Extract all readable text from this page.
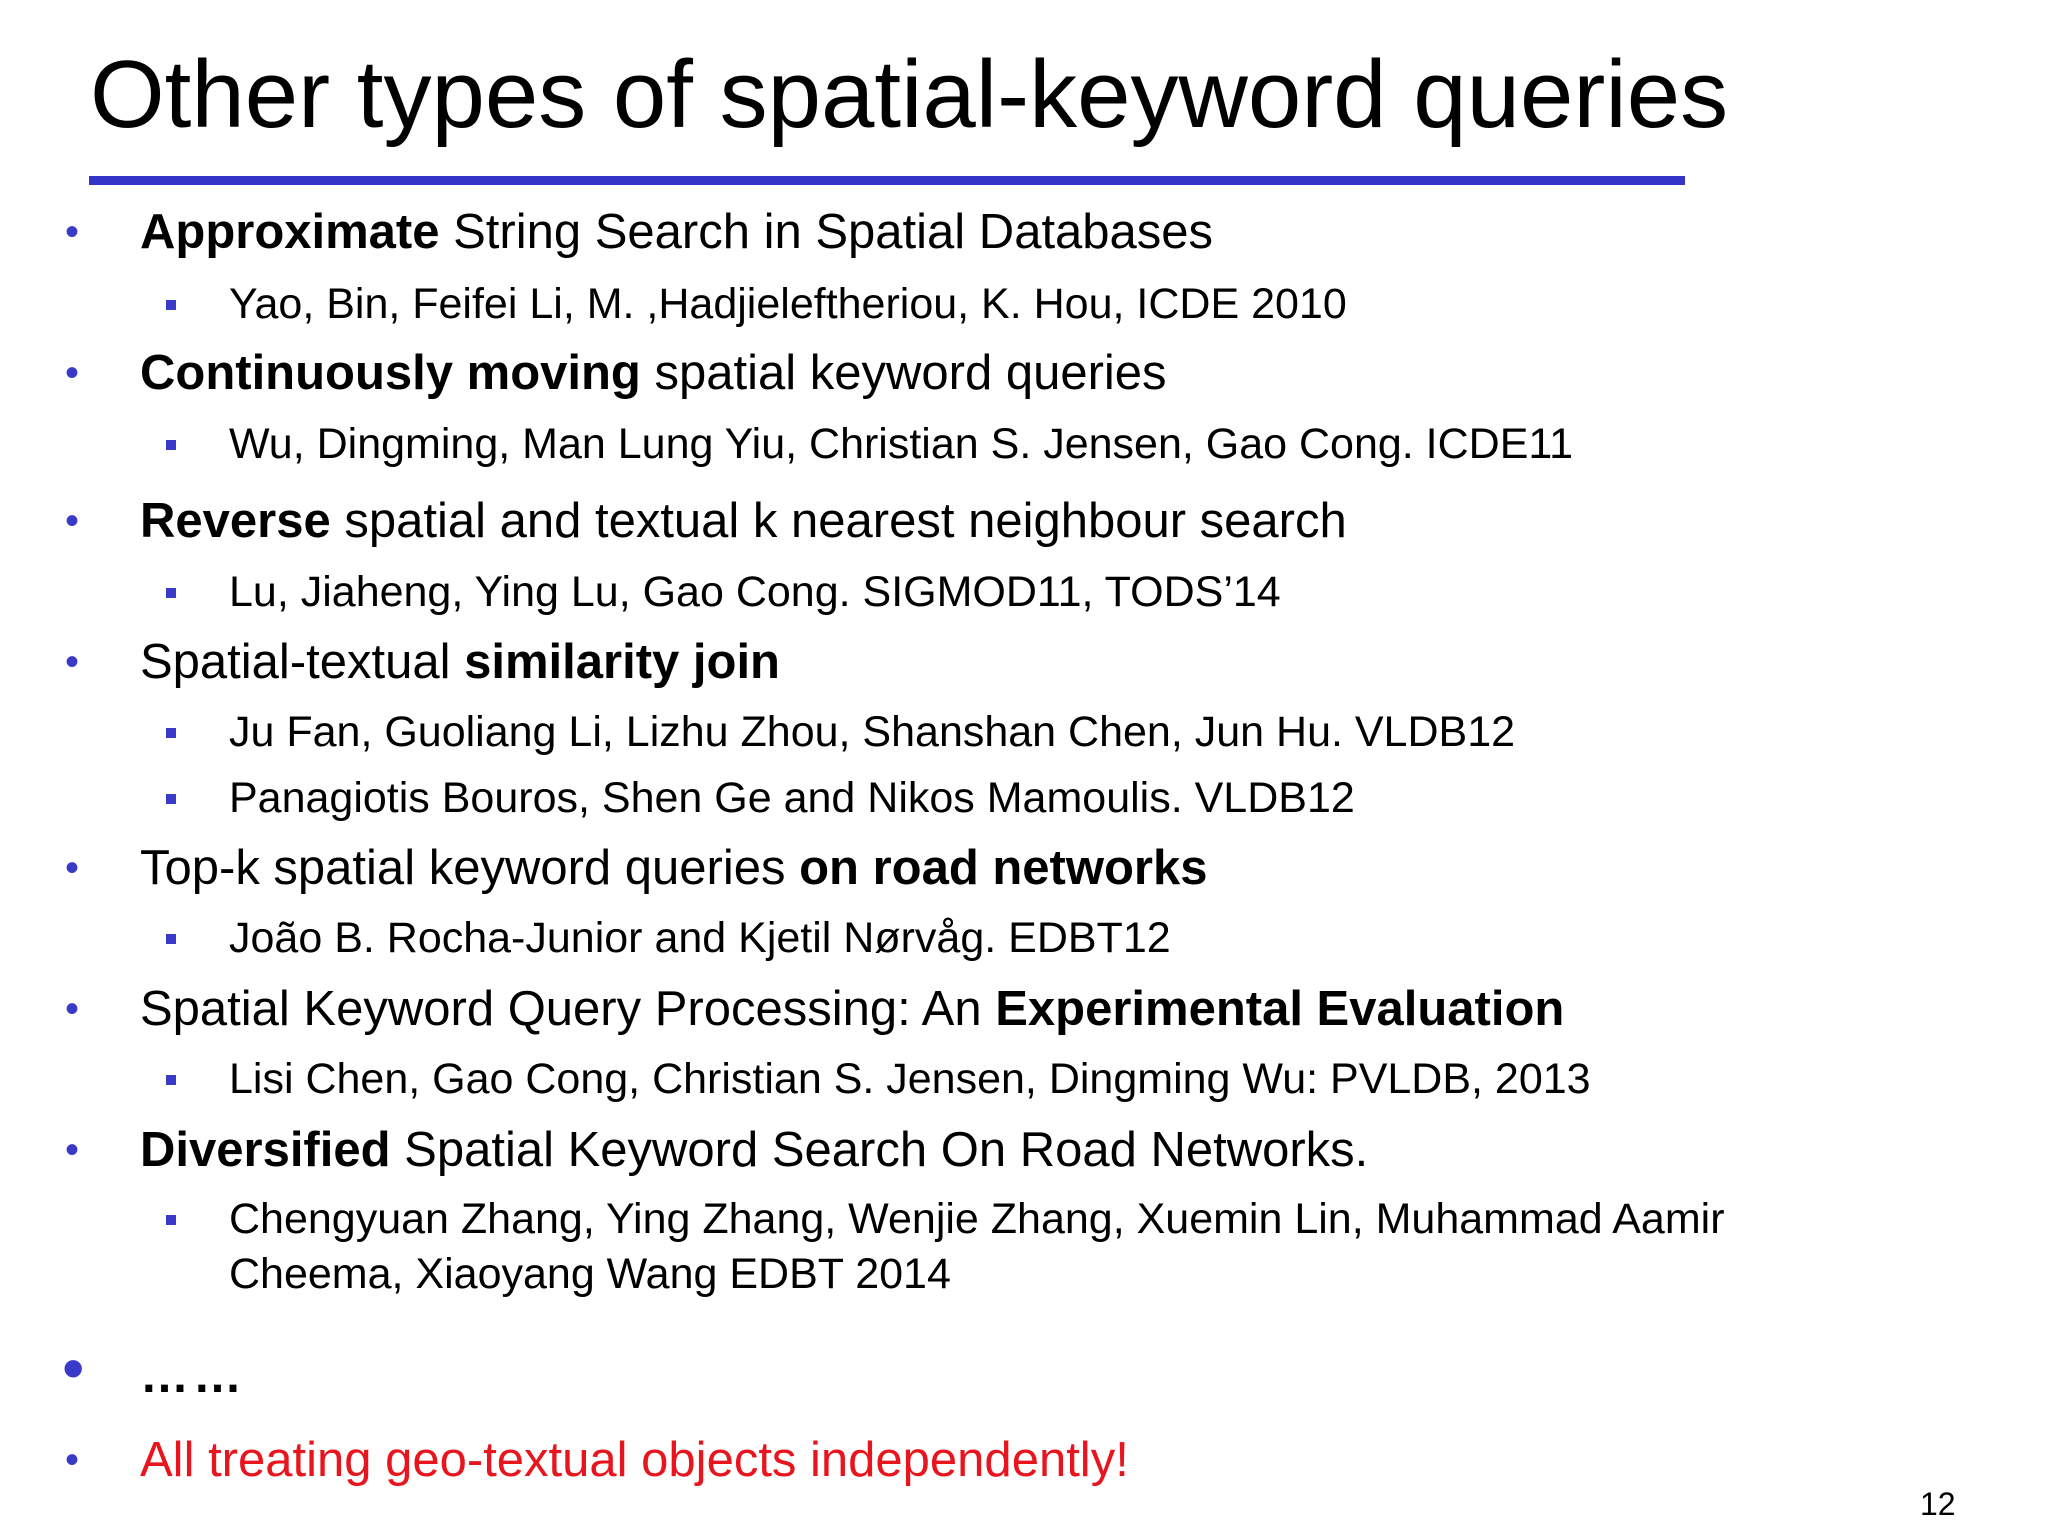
Other types of spatial-keyword queries
• Approximate String Search in Spatial Databases
Yao, Bin, Feifei Li, M. ,Hadjieleftheriou, K. Hou, ICDE 2010
• Continuously moving spatial keyword queries
Wu, Dingming, Man Lung Yiu, Christian S. Jensen, Gao Cong. ICDE11
• Reverse spatial and textual k nearest neighbour search
Lu, Jiaheng, Ying Lu, Gao Cong. SIGMOD11, TODS’14
• Spatial-textual similarity join
Ju Fan, Guoliang Li, Lizhu Zhou, Shanshan Chen, Jun Hu. VLDB12
Panagiotis Bouros, Shen Ge and Nikos Mamoulis. VLDB12
• Top-k spatial keyword queries on road networks
João B. Rocha-Junior and Kjetil Nørvåg. EDBT12
• Spatial Keyword Query Processing: An Experimental Evaluation
Lisi Chen, Gao Cong, Christian S. Jensen, Dingming Wu: PVLDB, 2013
• Diversified Spatial Keyword Search On Road Networks.
Chengyuan Zhang, Ying Zhang, Wenjie Zhang, Xuemin Lin, Muhammad Aamir
Cheema, Xiaoyang Wang EDBT 2014
• ……
• All treating geo-textual objects independently!
12
